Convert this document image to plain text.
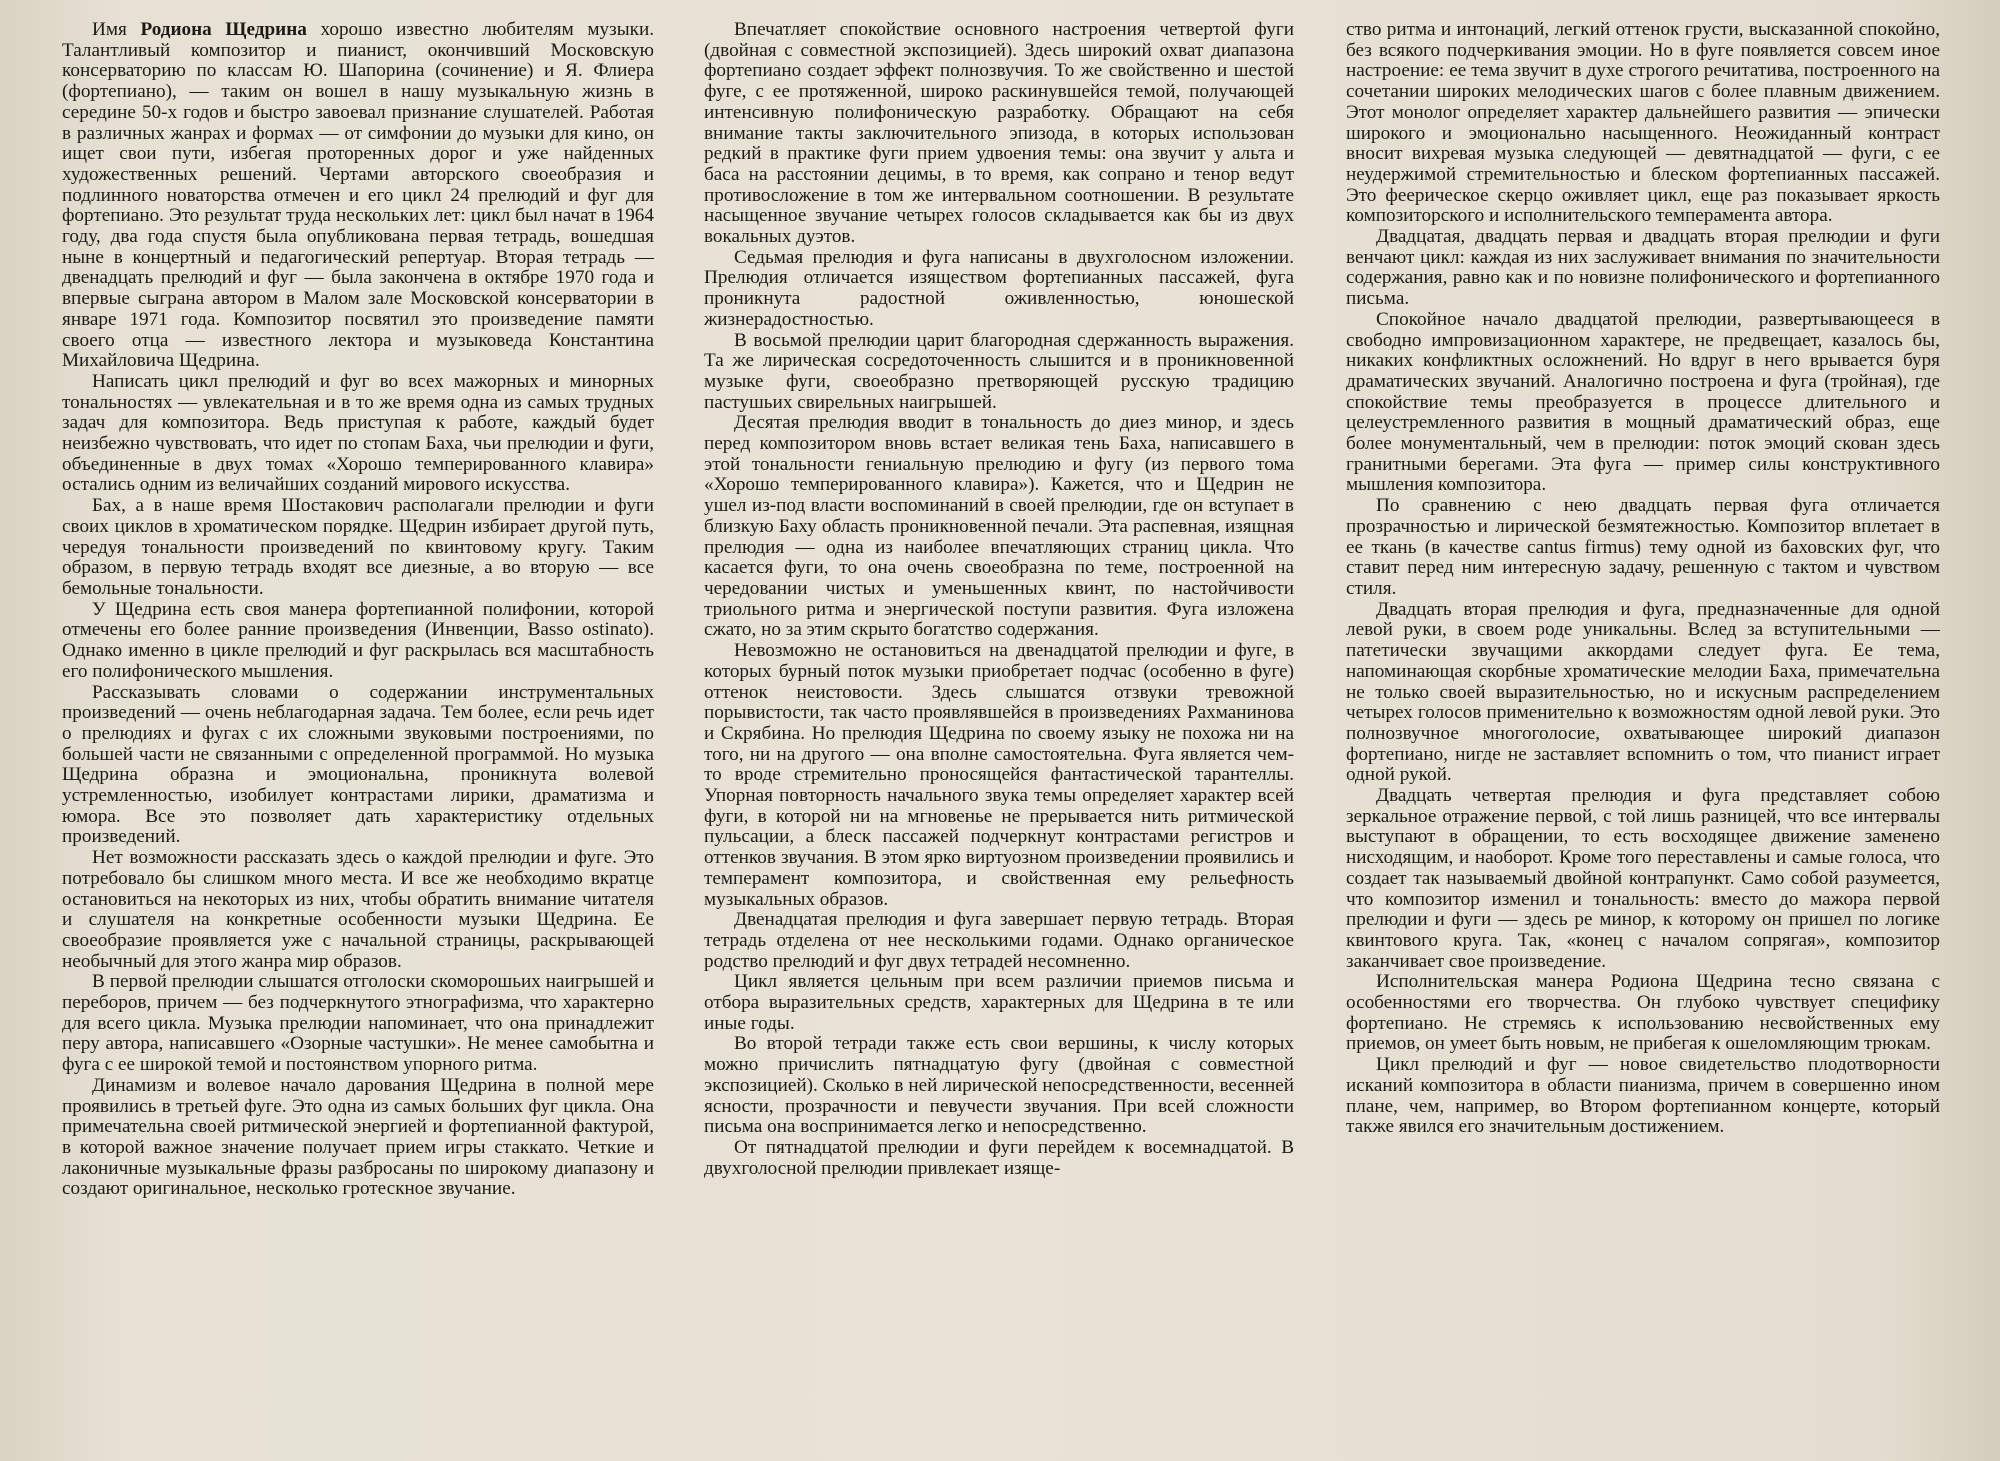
Имя Родиона Щедрина хорошо известно любителям музыки. Талантливый композитор и пианист, окончивший Московскую консерваторию по классам Ю. Шапорина (сочинение) и Я. Флиера (фортепиано), — таким он вошел в нашу музыкальную жизнь в середине 50-х годов и быстро завоевал признание слушателей. Работая в различных жанрах и формах — от симфонии до музыки для кино, он ищет свои пути, избегая проторенных дорог и уже найденных художественных решений. Чертами авторского своеобразия и подлинного новаторства отмечен и его цикл 24 прелюдий и фуг для фортепиано. Это результат труда нескольких лет: цикл был начат в 1964 году, два года спустя была опубликована первая тетрадь, вошедшая ныне в концертный и педагогический репертуар. Вторая тетрадь — двенадцать прелюдий и фуг — была закончена в октябре 1970 года и впервые сыграна автором в Малом зале Московской консерватории в январе 1971 года. Композитор посвятил это произведение памяти своего отца — известного лектора и музыковеда Константина Михайловича Щедрина.

Написать цикл прелюдий и фуг во всех мажорных и минорных тональностях — увлекательная и в то же время одна из самых трудных задач для композитора. Ведь приступая к работе, каждый будет неизбежно чувствовать, что идет по стопам Баха, чьи прелюдии и фуги, объединенные в двух томах «Хорошо темперированного клавира» остались одним из величайших созданий мирового искусства.

Бах, а в наше время Шостакович располагали прелюдии и фуги своих циклов в хроматическом порядке. Щедрин избирает другой путь, чередуя тональности произведений по квинтовому кругу. Таким образом, в первую тетрадь входят все диезные, а во вторую — все бемольные тональности.

У Щедрина есть своя манера фортепианной полифонии, которой отмечены его более ранние произведения (Инвенции, Basso ostinato). Однако именно в цикле прелюдий и фуг раскрылась вся масштабность его полифонического мышления.

Рассказывать словами о содержании инструментальных произведений — очень неблагодарная задача. Тем более, если речь идет о прелюдиях и фугах с их сложными звуковыми построениями, по большей части не связанными с определенной программой. Но музыка Щедрина образна и эмоциональна, проникнута волевой устремленностью, изобилует контрастами лирики, драматизма и юмора. Все это позволяет дать характеристику отдельных произведений.

Нет возможности рассказать здесь о каждой прелюдии и фуге. Это потребовало бы слишком много места. И все же необходимо вкратце остановиться на некоторых из них, чтобы обратить внимание читателя и слушателя на конкретные особенности музыки Щедрина. Ее своеобразие проявляется уже с начальной страницы, раскрывающей необычный для этого жанра мир образов.

В первой прелюдии слышатся отголоски скоморошьих наигрышей и переборов, причем — без подчеркнутого этнографизма, что характерно для всего цикла. Музыка прелюдии напоминает, что она принадлежит перу автора, написавшего «Озорные частушки». Не менее самобытна и фуга с ее широкой темой и постоянством упорного ритма.

Динамизм и волевое начало дарования Щедрина в полной мере проявились в третьей фуге. Это одна из самых больших фуг цикла. Она примечательна своей ритмической энергией и фортепианной фактурой, в которой важное значение получает прием игры стаккато. Четкие и лаконичные музыкальные фразы разбросаны по широкому диапазону и создают оригинальное, несколько гротескное звучание.

Впечатляет спокойствие основного настроения четвертой фуги (двойная с совместной экспозицией). Здесь широкий охват диапазона фортепиано создает эффект полнозвучия. То же свойственно и шестой фуге, с ее протяженной, широко раскинувшейся темой, получающей интенсивную полифоническую разработку. Обращают на себя внимание такты заключительного эпизода, в которых использован редкий в практике фуги прием удвоения темы: она звучит у альта и баса на расстоянии децимы, в то время, как сопрано и тенор ведут противосложение в том же интервальном соотношении. В результате насыщенное звучание четырех голосов складывается как бы из двух вокальных дуэтов.

Седьмая прелюдия и фуга написаны в двухголосном изложении. Прелюдия отличается изяществом фортепианных пассажей, фуга проникнута радостной оживленностью, юношеской жизнерадостностью.

В восьмой прелюдии царит благородная сдержанность выражения. Та же лирическая сосредоточенность слышится и в проникновенной музыке фуги, своеобразно претворяющей русскую традицию пастушьих свирельных наигрышей.

Десятая прелюдия вводит в тональность до диез минор, и здесь перед композитором вновь встает великая тень Баха, написавшего в этой тональности гениальную прелюдию и фугу (из первого тома «Хорошо темперированного клавира»). Кажется, что и Щедрин не ушел из-под власти воспоминаний в своей прелюдии, где он вступает в близкую Баху область проникновенной печали. Эта распевная, изящная прелюдия — одна из наиболее впечатляющих страниц цикла. Что касается фуги, то она очень своеобразна по теме, построенной на чередовании чистых и уменьшенных квинт, по настойчивости триольного ритма и энергической поступи развития. Фуга изложена сжато, но за этим скрыто богатство содержания.

Невозможно не остановиться на двенадцатой прелюдии и фуге, в которых бурный поток музыки приобретает подчас (особенно в фуге) оттенок неистовости. Здесь слышатся отзвуки тревожной порывистости, так часто проявлявшейся в произведениях Рахманинова и Скрябина. Но прелюдия Щедрина по своему языку не похожа ни на того, ни на другого — она вполне самостоятельна. Фуга является чем-то вроде стремительно проносящейся фантастической тарантеллы. Упорная повторность начального звука темы определяет характер всей фуги, в которой ни на мгновенье не прерывается нить ритмической пульсации, а блеск пассажей подчеркнут контрастами регистров и оттенков звучания. В этом ярко виртуозном произведении проявились и темперамент композитора, и свойственная ему рельефность музыкальных образов.

Двенадцатая прелюдия и фуга завершает первую тетрадь. Вторая тетрадь отделена от нее несколькими годами. Однако органическое родство прелюдий и фуг двух тетрадей несомненно.

Цикл является цельным при всем различии приемов письма и отбора выразительных средств, характерных для Щедрина в те или иные годы.

Во второй тетради также есть свои вершины, к числу которых можно причислить пятнадцатую фугу (двойная с совместной экспозицией). Сколько в ней лирической непосредственности, весенней ясности, прозрачности и певучести звучания. При всей сложности письма она воспринимается легко и непосредственно.

От пятнадцатой прелюдии и фуги перейдем к восемнадцатой. В двухголосной прелюдии привлекает изяще-

ство ритма и интонаций, легкий оттенок грусти, высказанной спокойно, без всякого подчеркивания эмоции. Но в фуге появляется совсем иное настроение: ее тема звучит в духе строгого речитатива, построенного на сочетании широких мелодических шагов с более плавным движением. Этот монолог определяет характер дальнейшего развития — эпически широкого и эмоционально насыщенного. Неожиданный контраст вносит вихревая музыка следующей — девятнадцатой — фуги, с ее неудержимой стремительностью и блеском фортепианных пассажей. Это феерическое скерцо оживляет цикл, еще раз показывает яркость композиторского и исполнительского темперамента автора.

Двадцатая, двадцать первая и двадцать вторая прелюдии и фуги венчают цикл: каждая из них заслуживает внимания по значительности содержания, равно как и по новизне полифонического и фортепианного письма.

Спокойное начало двадцатой прелюдии, развертывающееся в свободно импровизационном характере, не предвещает, казалось бы, никаких конфликтных осложнений. Но вдруг в него врывается буря драматических звучаний. Аналогично построена и фуга (тройная), где спокойствие темы преобразуется в процессе длительного и целеустремленного развития в мощный драматический образ, еще более монументальный, чем в прелюдии: поток эмоций скован здесь гранитными берегами. Эта фуга — пример силы конструктивного мышления композитора.

По сравнению с нею двадцать первая фуга отличается прозрачностью и лирической безмятежностью. Композитор вплетает в ее ткань (в качестве cantus firmus) тему одной из баховских фуг, что ставит перед ним интересную задачу, решенную с тактом и чувством стиля.

Двадцать вторая прелюдия и фуга, предназначенные для одной левой руки, в своем роде уникальны. Вслед за вступительными — патетически звучащими аккордами следует фуга. Ее тема, напоминающая скорбные хроматические мелодии Баха, примечательна не только своей выразительностью, но и искусным распределением четырех голосов применительно к возможностям одной левой руки. Это полнозвучное многоголосие, охватывающее широкий диапазон фортепиано, нигде не заставляет вспомнить о том, что пианист играет одной рукой.

Двадцать четвертая прелюдия и фуга представляет собою зеркальное отражение первой, с той лишь разницей, что все интервалы выступают в обращении, то есть восходящее движение заменено нисходящим, и наоборот. Кроме того переставлены и самые голоса, что создает так называемый двойной контрапункт. Само собой разумеется, что композитор изменил и тональность: вместо до мажора первой прелюдии и фуги — здесь ре минор, к которому он пришел по логике квинтового круга. Так, «конец с началом сопрягая», композитор заканчивает свое произведение.

Исполнительская манера Родиона Щедрина тесно связана с особенностями его творчества. Он глубоко чувствует специфику фортепиано. Не стремясь к использованию несвойственных ему приемов, он умеет быть новым, не прибегая к ошеломляющим трюкам.

Цикл прелюдий и фуг — новое свидетельство плодотворности исканий композитора в области пианизма, причем в совершенно ином плане, чем, например, во Втором фортепианном концерте, который также явился его значительным достижением.
